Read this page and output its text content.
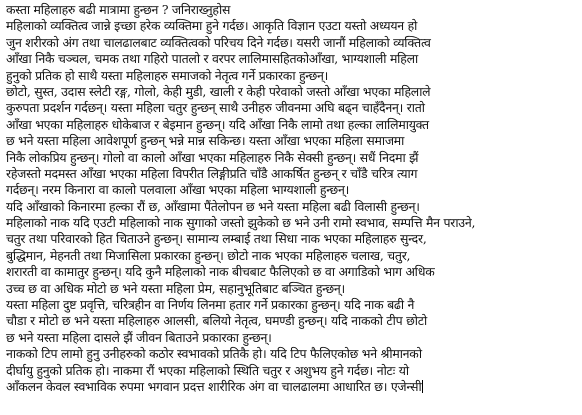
कस्ता महिलाहरु बढी मात्रामा हुन्छन ? जनिराख्नुहोस
महिलाको व्यक्तित्व जान्ने इच्छा हरेक व्यक्तिमा हुने गर्दछ। आकृति विज्ञान एउटा यस्तो अध्ययन हो
जुन शरीरको अंग तथा चालढालबाट व्यक्तित्वको परिचय दिने गर्दछ। यसरी जानौं महिलाको व्यक्तित्व
आँखा निकै चञ्चल, चमक तथा गहिरो पातलो र वरपर लालिमासहितकोआँखा, भाग्यशाली महिला
हुनुको प्रतिक हो साथै यस्ता महिलाहरु समाजको नेतृत्व गर्ने प्रकारका हुन्छन्।
छोटो, सुस्त, उदास स्लेटी रङ्ग, गोलो, केही मुडी, खाली र केही परेवाको जस्तो आँखा भएका महिलाले
कुरुपता प्रदर्शन गर्दछन्। यस्ता महिला चतुर हुन्छन् साथै उनीहरु जीवनमा अघि बढ्न चाहँदैनन्। रातो
आँखा भएका महिलाहरु धोकेबाज र बेइमान हुन्छन्। यदि आँखा निकै लामो तथा हल्का लालिमायुक्त
छ भने यस्ता महिला आवेशपूर्ण हुन्छन् भन्ने मान्न सकिन्छ। यस्ता आँखा भएका महिला समाजमा
निकै लोकप्रिय हुन्छन्। गोलो वा कालो आँखा भएका महिलाहरु निकै सेक्सी हुन्छन्। सधैं निदमा झैं
रहेजस्तो मदमस्त आँखा भएका महिला विपरीत लिङ्गीप्रति चाँडै आकर्षित हुन्छन् र चाँडै चरित्र त्याग
गर्दछन्। नरम किनारा वा कालो पलवाला आँखा भएका महिला भाग्यशाली हुन्छन्।
यदि आँखाको किनारमा हल्का रौं छ, आँखामा पैंतेलोपन छ भने यस्ता महिला बढी विलासी हुन्छन्।
महिलाको नाक यदि एउटी महिलाको नाक सुगाको जस्तो झुकेको छ भने उनी रामो स्वभाव, सम्पत्ति मैन पराउने,
चतुर तथा परिवारको हित चिताउने हुन्छन्। सामान्य लम्बाई तथा सिधा नाक भएका महिलाहरु सुन्दर,
बुद्धिमान, मेहनती तथा मिजासिला प्रकारका हुन्छन्। छोटो नाक भएका महिलाहरु चलाख, चतुर,
शरारती वा कामातुर हुन्छन्। यदि कुनै महिलाको नाक बीचबाट फैलिएको छ वा अगाडिको भाग अधिक
उच्च छ वा अधिक मोटो छ भने यस्ता महिला प्रेम, सहानुभूतिबाट बञ्चित हुन्छन्।
यस्ता महिला दुष्ट प्रवृत्ति, चरित्रहीन वा निर्णय लिनमा हतार गर्ने प्रकारका हुन्छन्। यदि नाक बढी नै
चौडा र मोटो छ भने यस्ता महिलाहरु आलसी, बलियो नेतृत्व, घमण्डी हुन्छन्। यदि नाकको टीप छोटो
छ भने यस्ता महिला दासले झैं जीवन बिताउने प्रकारका हुन्छन्।
नाकको टिप लामो हुनु उनीहरुको कठोर स्वभावको प्रतिकै हो। यदि टिप फैलिएकोछ भने श्रीमानको
दीर्घायु हुनुको प्रतिक हो। नाकमा रौं भएका महिलाको स्थिति चतुर र अशुभय हुने गर्दछ। नोटः यो
आँकलन केवल स्वभाविक रुपमा भगवान प्रदत्त शारीरिक अंग वा चालढालमा आधारित छ। एजेन्सी
